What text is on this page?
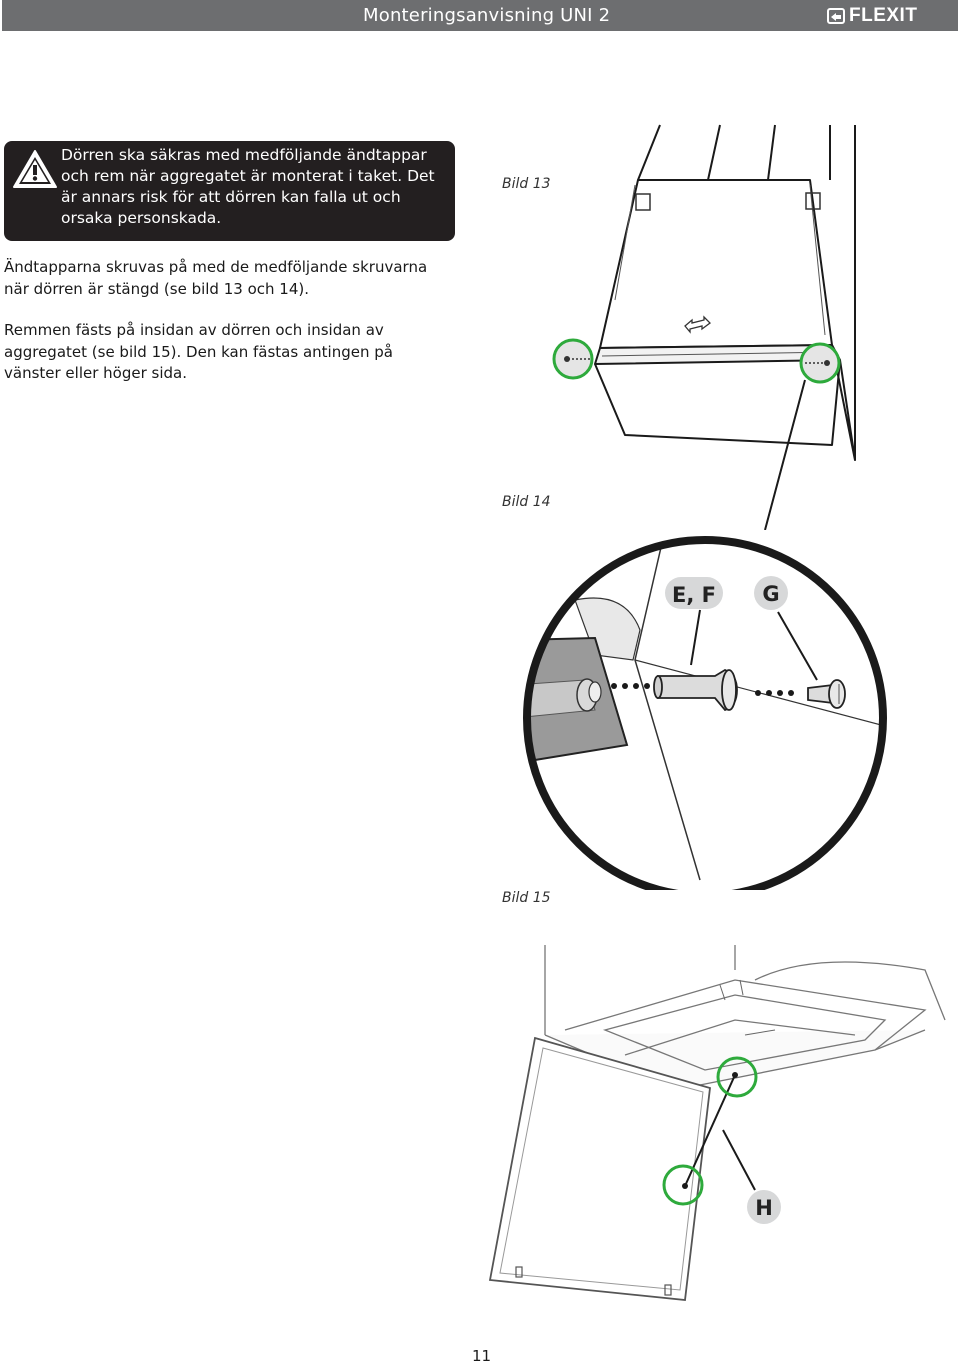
Monteringsanvisning UNI 2	FLEXIT
Dörren ska säkras med medföljande ändtappar och rem när aggregatet är monterat i taket. Det är annars risk för att dörren kan falla ut och orsaka personskada.
Ändtapparna skruvas på med de medföljande skruvarna när dörren är stängd (se bild 13 och 14).
Remmen fästs på insidan av dörren och insidan av aggregatet (se bild 15). Den kan fästas antingen på vänster eller höger sida.
Bild 13
Bild 14
Bild 15
E, F G
H
11
